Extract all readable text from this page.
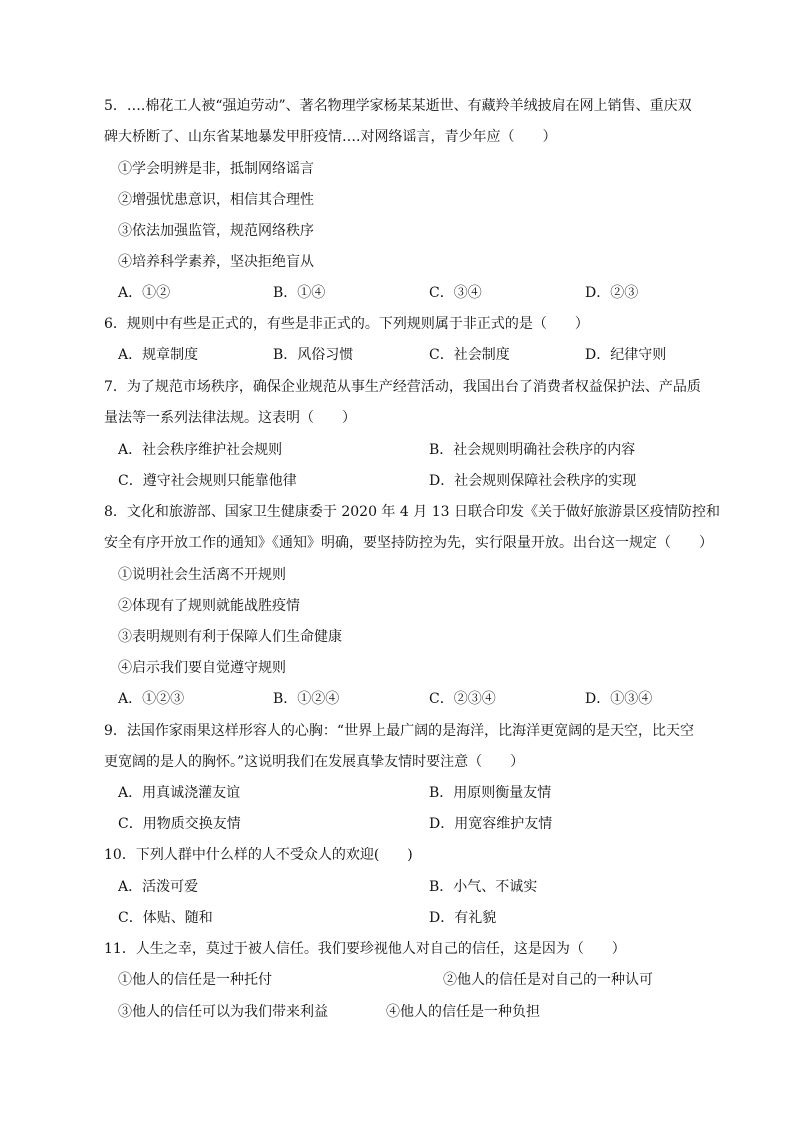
5．….棉花工人被“强迫劳动”、著名物理学家杨某某逝世、有藏羚羊绒披肩在网上销售、重庆双
碑大桥断了、山东省某地暴发甲肝疫情….对网络谣言，青少年应（　　）
①学会明辨是非，抵制网络谣言
②增强忧患意识，相信其合理性
③依法加强监管，规范网络秩序
④培养科学素养，坚决拒绝盲从
A．①②	B．①④	C．③④	D．②③
6．规则中有些是正式的，有些是非正式的。下列规则属于非正式的是（　　）
A．规章制度	B．风俗习惯	C．社会制度	D．纪律守则
7．为了规范市场秩序，确保企业规范从事生产经营活动，我国出台了消费者权益保护法、产品质
量法等一系列法律法规。这表明（　　）
A．社会秩序维护社会规则	B．社会规则明确社会秩序的内容
C．遵守社会规则只能靠他律	D．社会规则保障社会秩序的实现
8．文化和旅游部、国家卫生健康委于 2020 年 4 月 13 日联合印发《关于做好旅游景区疫情防控和
安全有序开放工作的通知》《通知》明确，要坚持防控为先，实行限量开放。出台这一规定（　　）
①说明社会生活离不开规则
②体现有了规则就能战胜疫情
③表明规则有利于保障人们生命健康
④启示我们要自觉遵守规则
A．①②③	B．①②④	C．②③④	D．①③④
9．法国作家雨果这样形容人的心胸：“世界上最广阔的是海洋，比海洋更宽阔的是天空，比天空
更宽阔的是人的胸怀。”这说明我们在发展真挚友情时要注意（　　）
A．用真诚浇灌友谊	B．用原则衡量友情
C．用物质交换友情	D．用宽容维护友情
10．下列人群中什么样的人不受众人的欢迎(　　)
A．活泼可爱	B．小气、不诚实
C．体贴、随和	D．有礼貌
11．人生之幸，莫过于被人信任。我们要珍视他人对自己的信任，这是因为（　　）
①他人的信任是一种托付	②他人的信任是对自己的一种认可
③他人的信任可以为我们带来利益	④他人的信任是一种负担
